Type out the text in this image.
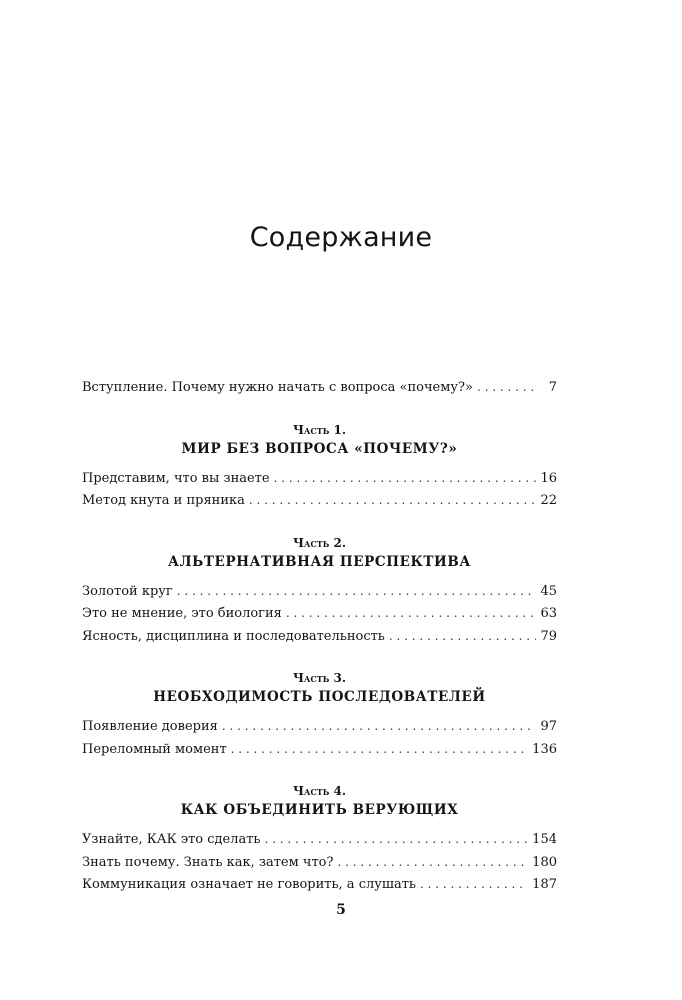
Содержание
Вступление. Почему нужно начать с вопроса «почему?» . . .	7
Часть 1.
МИР БЕЗ ВОПРОСА «ПОЧЕМУ?»
Представим, что вы знаете . . .	16
Метод кнута и пряника . . .	22
Часть 2.
АЛЬТЕРНАТИВНАЯ ПЕРСПЕКТИВА
Золотой круг . . .	45
Это не мнение, это биология . . .	63
Ясность, дисциплина и последовательность . . .	79
Часть 3.
НЕОБХОДИМОСТЬ ПОСЛЕДОВАТЕЛЕЙ
Появление доверия . . .	97
Переломный момент . . .	136
Часть 4.
КАК ОБЪЕДИНИТЬ ВЕРУЮЩИХ
Узнайте, КАК это сделать . . .	154
Знать почему. Знать как, затем что? . . .	180
Коммуникация означает не говорить, а слушать . . .	187
5
